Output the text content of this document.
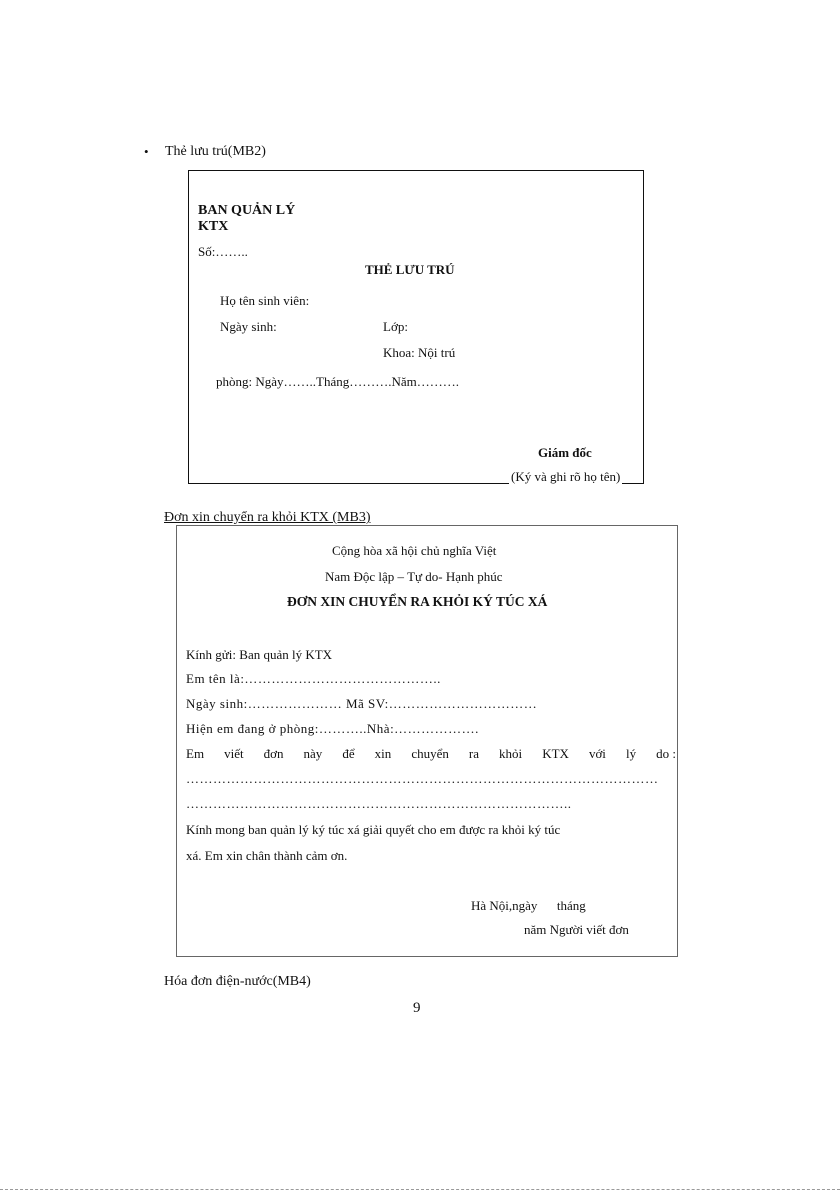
• Thẻ lưu trú(MB2)
BAN QUẢN LÝ
KTX
Số:……..
THẺ LƯU TRÚ
Họ tên sinh viên:
Ngày sinh:	Lớp:
Khoa: Nội trú
phòng: Ngày……..Tháng……….Năm……….
Giám đốc
(Ký và ghi rõ họ tên)
Đơn xin chuyển ra khỏi KTX (MB3)
Cộng hòa xã hội chủ nghĩa Việt
Nam Độc lập – Tự do- Hạnh phúc
ĐƠN XIN CHUYỂN RA KHỎI KÝ TÚC XÁ
Kính gửi: Ban quản lý KTX
Em tên là:……………………………………..
Ngày sinh:………………… Mã SV:……………………………
Hiện em đang ở phòng:………..Nhà:……………….
Em viết đơn này để xin chuyển ra khỏi KTX với lý do :
……………………………………………………………………………………………
…………………………………………………………………………..
Kính mong ban quản lý ký túc xá giải quyết cho em được ra khỏi ký túc
xá. Em xin chân thành cảm ơn.
Hà Nội,ngày      tháng
năm Người viết đơn
Hóa đơn điện-nước(MB4)
9
